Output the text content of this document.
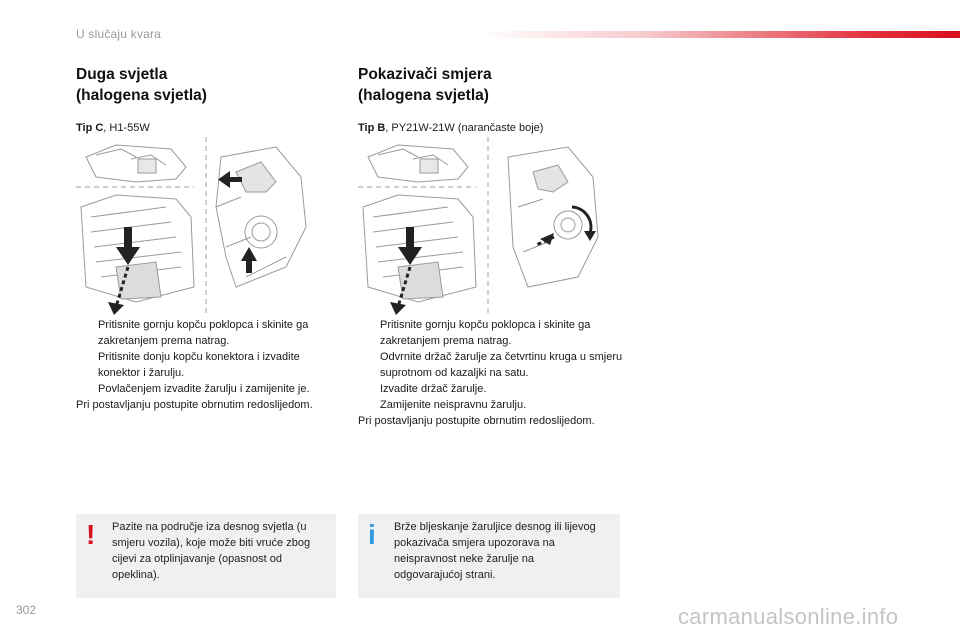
U slučaju kvara
Duga svjetla
(halogena svjetla)
Tip C, H1-55W
Pritisnite gornju kopču poklopca i skinite ga zakretanjem prema natrag.
Pritisnite donju kopču konektora i izvadite konektor i žarulju.
Povlačenjem izvadite žarulju i zamijenite je.
Pri postavljanju postupite obrnutim redoslijedom.
Pokazivači smjera
(halogena svjetla)
Tip B, PY21W-21W (narančaste boje)
Pritisnite gornju kopču poklopca i skinite ga zakretanjem prema natrag.
Odvrnite držač žarulje za četvrtinu kruga u smjeru suprotnom od kazaljki na satu.
Izvadite držač žarulje.
Zamijenite neispravnu žarulju.
Pri postavljanju postupite obrnutim redoslijedom.
! Pazite na područje iza desnog svjetla (u smjeru vozila), koje može biti vruće zbog cijevi za otplinjavanje (opasnost od opeklina).
i Brže bljeskanje žaruljice desnog ili lijevog pokazivača smjera upozorava na neispravnost neke žarulje na odgovarajućoj strani.
302	carmanualsonline.info
